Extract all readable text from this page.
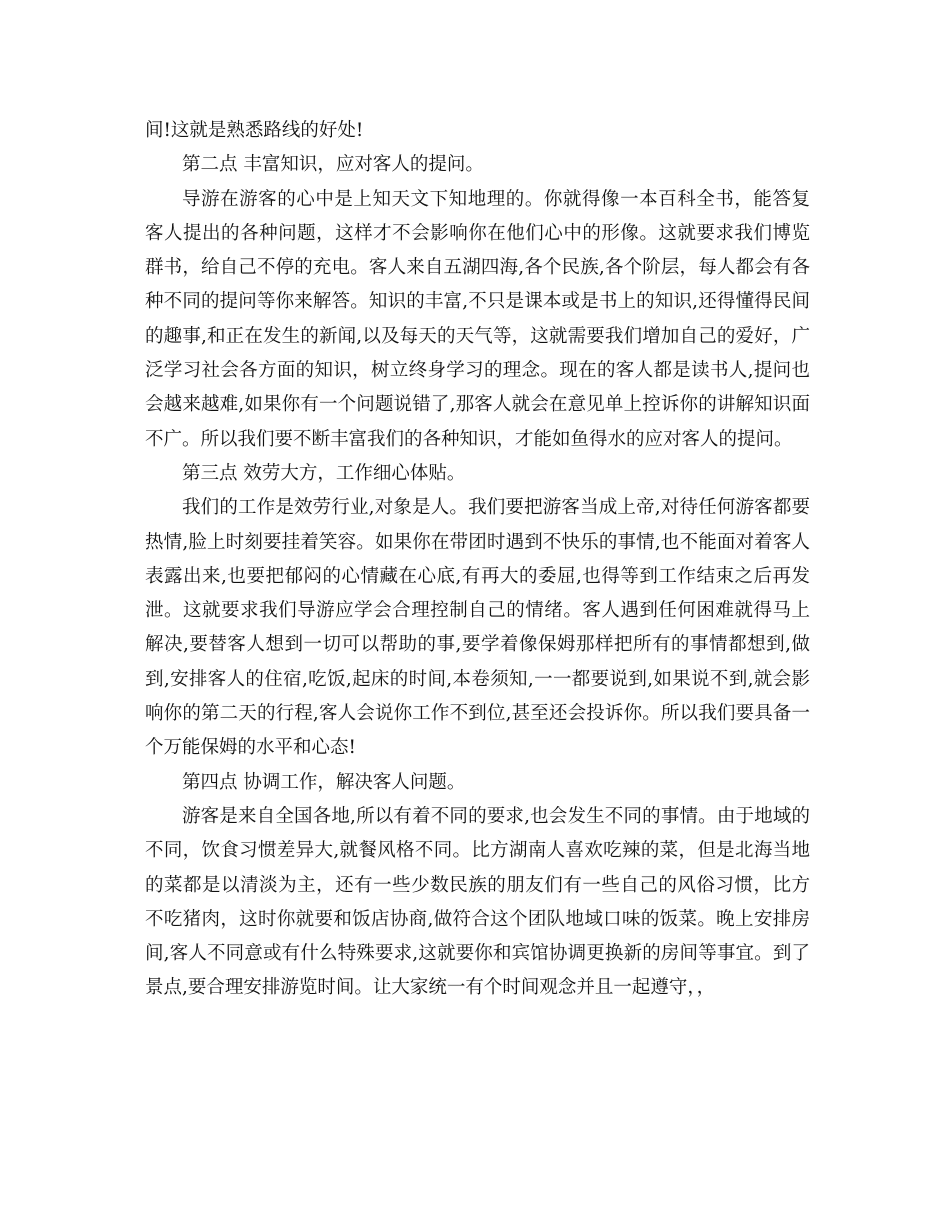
间!这就是熟悉路线的好处!

第二点 丰富知识，应对客人的提问。

导游在游客的心中是上知天文下知地理的。你就得像一本百科全书，能答复客人提出的各种问题，这样才不会影响你在他们心中的形像。这就要求我们博览群书，给自己不停的充电。客人来自五湖四海,各个民族,各个阶层，每人都会有各种不同的提问等你来解答。知识的丰富,不只是课本或是书上的知识,还得懂得民间的趣事,和正在发生的新闻,以及每天的天气等，这就需要我们增加自己的爱好，广泛学习社会各方面的知识，树立终身学习的理念。现在的客人都是读书人,提问也会越来越难,如果你有一个问题说错了,那客人就会在意见单上控诉你的讲解知识面不广。所以我们要不断丰富我们的各种知识，才能如鱼得水的应对客人的提问。

第三点 效劳大方，工作细心体贴。

我们的工作是效劳行业,对象是人。我们要把游客当成上帝,对待任何游客都要热情,脸上时刻要挂着笑容。如果你在带团时遇到不快乐的事情,也不能面对着客人表露出来,也要把郁闷的心情藏在心底,有再大的委屈,也得等到工作结束之后再发泄。这就要求我们导游应学会合理控制自己的情绪。客人遇到任何困难就得马上解决,要替客人想到一切可以帮助的事,要学着像保姆那样把所有的事情都想到,做到,安排客人的住宿,吃饭,起床的时间,本卷须知,一一都要说到,如果说不到,就会影响你的第二天的行程,客人会说你工作不到位,甚至还会投诉你。所以我们要具备一个万能保姆的水平和心态!

第四点 协调工作，解决客人问题。

游客是来自全国各地,所以有着不同的要求,也会发生不同的事情。由于地域的不同，饮食习惯差异大,就餐风格不同。比方湖南人喜欢吃辣的菜，但是北海当地的菜都是以清淡为主，还有一些少数民族的朋友们有一些自己的风俗习惯，比方不吃猪肉，这时你就要和饭店协商,做符合这个团队地域口味的饭菜。晚上安排房间,客人不同意或有什么特殊要求,这就要你和宾馆协调更换新的房间等事宜。到了景点,要合理安排游览时间。让大家统一有个时间观念并且一起遵守，，
